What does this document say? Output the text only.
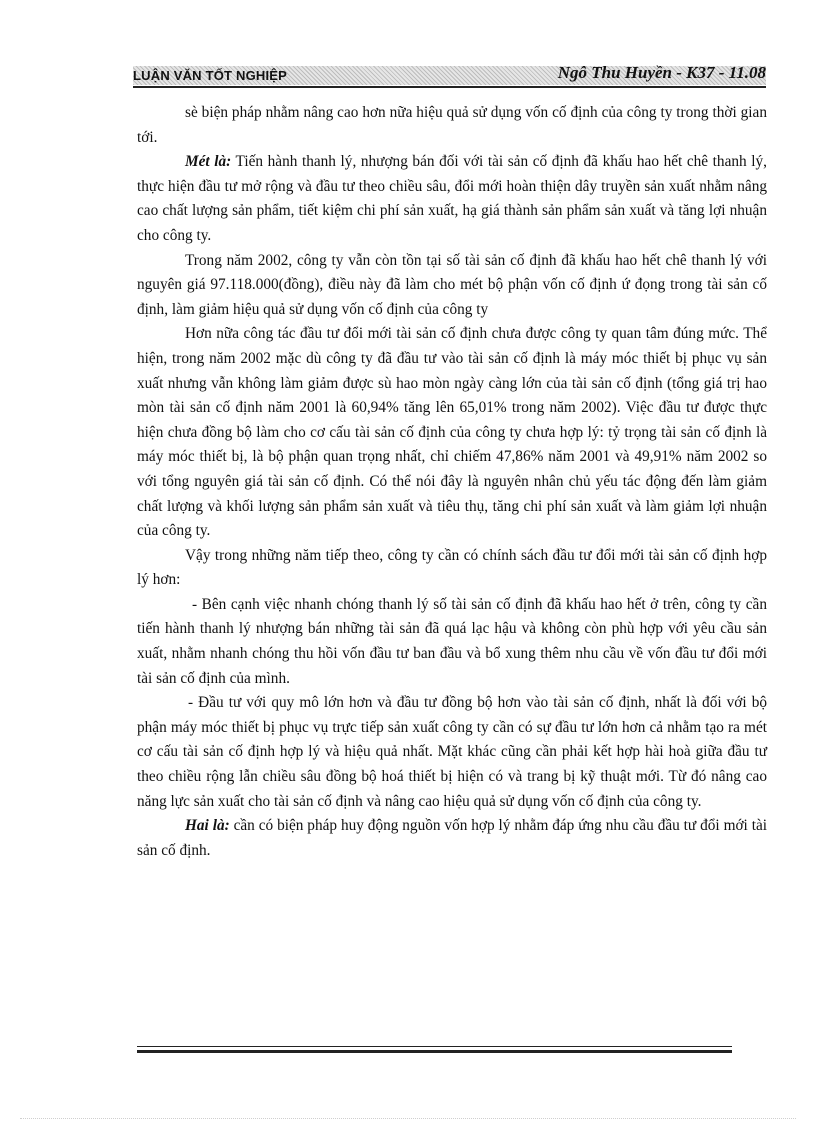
LUẬN VĂN TỐT NGHIỆP	Ngô Thu Huyền - K37 - 11.08

sè biện pháp nhằm nâng cao hơn nữa hiệu quả sử dụng vốn cố định của công ty trong thời gian tới.

Mét là: Tiến hành thanh lý, nhượng bán đối với tài sản cố định đã khấu hao hết chê thanh lý, thực hiện đầu tư mở rộng và đầu tư theo chiều sâu, đổi mới hoàn thiện dây truyền sản xuất nhằm nâng cao chất lượng sản phẩm, tiết kiệm chi phí sản xuất, hạ giá thành sản phẩm sản xuất và tăng lợi nhuận cho công ty.

Trong năm 2002, công ty vẫn còn tồn tại số tài sản cố định đã khấu hao hết chê thanh lý với nguyên giá 97.118.000(đồng), điều này đã làm cho mét bộ phận vốn cố định ứ đọng trong tài sản cố định, làm giảm hiệu quả sử dụng vốn cố định của công ty

Hơn nữa công tác đầu tư đổi mới tài sản cố định chưa được công ty quan tâm đúng mức. Thể hiện, trong năm 2002 mặc dù công ty đã đầu tư vào tài sản cố định là máy móc thiết bị phục vụ sản xuất nhưng vẫn không làm giảm được sù hao mòn ngày càng lớn của tài sản cố định (tổng giá trị hao mòn tài sản cố định năm 2001 là 60,94% tăng lên 65,01% trong năm 2002). Việc đầu tư được thực hiện chưa đồng bộ làm cho cơ cấu tài sản cố định của công ty chưa hợp lý: tỷ trọng tài sản cố định là máy móc thiết bị, là bộ phận quan trọng nhất, chỉ chiếm 47,86% năm 2001 và 49,91% năm 2002 so với tổng nguyên giá tài sản cố định. Có thể nói đây là nguyên nhân chủ yếu tác động đến làm giảm chất lượng và khối lượng sản phẩm sản xuất và tiêu thụ, tăng chi phí sản xuất và làm giảm lợi nhuận của công ty.

Vậy trong những năm tiếp theo, công ty cần có chính sách đầu tư đổi mới tài sản cố định hợp lý hơn:

- Bên cạnh việc nhanh chóng thanh lý số tài sản cố định đã khấu hao hết ở trên, công ty cần tiến hành thanh lý nhượng bán những tài sản đã quá lạc hậu và không còn phù hợp với yêu cầu sản xuất, nhằm nhanh chóng thu hồi vốn đầu tư ban đầu và bổ xung thêm nhu cầu về vốn đầu tư đổi mới tài sản cố định của mình.

- Đầu tư với quy mô lớn hơn và đầu tư đồng bộ hơn vào tài sản cố định, nhất là đối với bộ phận máy móc thiết bị phục vụ trực tiếp sản xuất công ty cần có sự đầu tư lớn hơn cả nhằm tạo ra mét cơ cấu tài sản cố định hợp lý và hiệu quả nhất. Mặt khác cũng cần phải kết hợp hài hoà giữa đầu tư theo chiều rộng lẫn chiều sâu đồng bộ hoá thiết bị hiện có và trang bị kỹ thuật mới. Từ đó nâng cao năng lực sản xuất cho tài sản cố định và nâng cao hiệu quả sử dụng vốn cố định của công ty.

Hai là: cần có biện pháp huy động nguồn vốn hợp lý nhằm đáp ứng nhu cầu đầu tư đổi mới tài sản cố định.
